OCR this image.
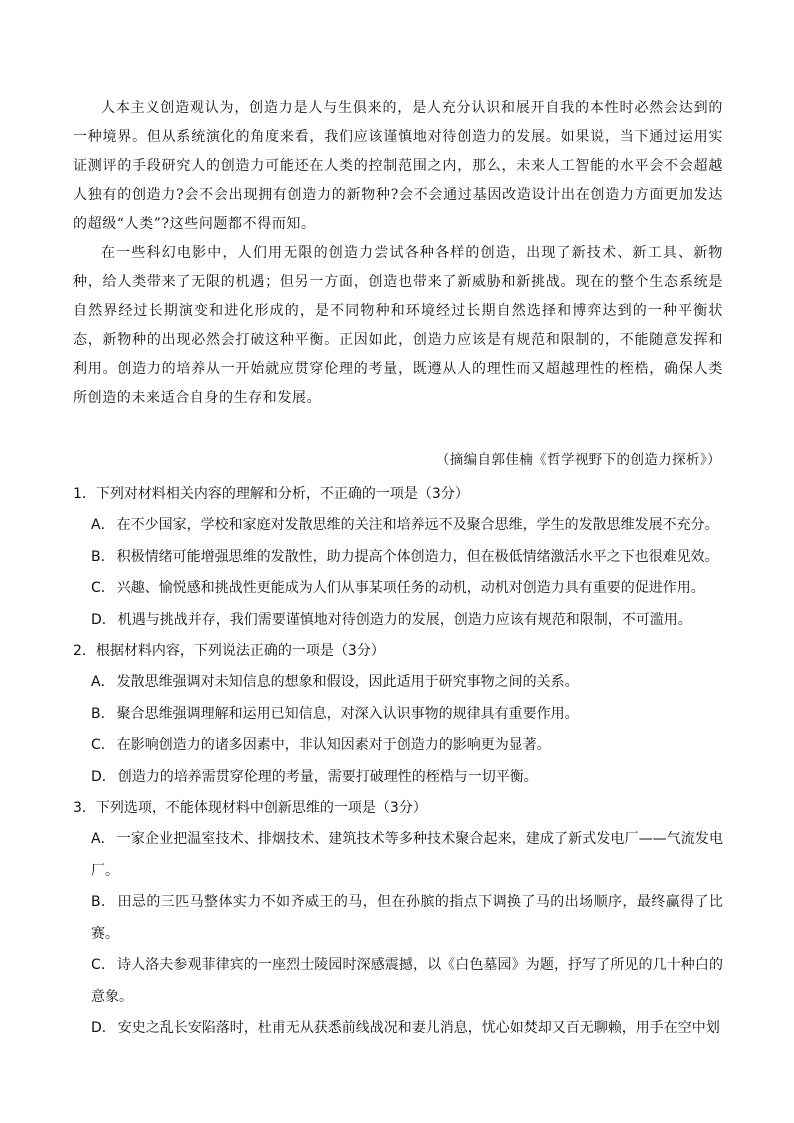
人本主义创造观认为，创造力是人与生俱来的，是人充分认识和展开自我的本性时必然会达到的一种境界。但从系统演化的角度来看，我们应该谨慎地对待创造力的发展。如果说，当下通过运用实证测评的手段研究人的创造力可能还在人类的控制范围之内，那么，未来人工智能的水平会不会超越人独有的创造力?会不会出现拥有创造力的新物种?会不会通过基因改造设计出在创造力方面更加发达的超级“人类”?这些问题都不得而知。

在一些科幻电影中，人们用无限的创造力尝试各种各样的创造，出现了新技术、新工具、新物种，给人类带来了无限的机遇；但另一方面，创造也带来了新威胁和新挑战。现在的整个生态系统是自然界经过长期演变和进化形成的，是不同物种和环境经过长期自然选择和博弈达到的一种平衡状态，新物种的出现必然会打破这种平衡。正因如此，创造力应该是有规范和限制的，不能随意发挥和利用。创造力的培养从一开始就应贯穿伦理的考量，既遵从人的理性而又超越理性的桎梏，确保人类所创造的未来适合自身的生存和发展。

（摘编自郭佳楠《哲学视野下的创造力探析》）

1．下列对材料相关内容的理解和分析，不正确的一项是（3分）

A． 在不少国家，学校和家庭对发散思维的关注和培养远不及聚合思维，学生的发散思维发展不充分。

B． 积极情绪可能增强思维的发散性，助力提高个体创造力，但在极低情绪激活水平之下也很难见效。

C． 兴趣、愉悦感和挑战性更能成为人们从事某项任务的动机，动机对创造力具有重要的促进作用。

D． 机遇与挑战并存，我们需要谨慎地对待创造力的发展，创造力应该有规范和限制，不可滥用。

2．根据材料内容，下列说法正确的一项是（3分）

A． 发散思维强调对未知信息的想象和假设，因此适用于研究事物之间的关系。

B． 聚合思维强调理解和运用已知信息，对深入认识事物的规律具有重要作用。

C． 在影响创造力的诸多因素中，非认知因素对于创造力的影响更为显著。

D． 创造力的培养需贯穿伦理的考量，需要打破理性的桎梏与一切平衡。

3．下列选项，不能体现材料中创新思维的一项是（3分）

A． 一家企业把温室技术、排烟技术、建筑技术等多种技术聚合起来，建成了新式发电厂——气流发电厂。

B． 田忌的三匹马整体实力不如齐威王的马，但在孙膑的指点下调换了马的出场顺序，最终赢得了比赛。

C． 诗人洛夫参观菲律宾的一座烈士陵园时深感震撼，以《白色墓园》为题，抒写了所见的几十种白的意象。

D． 安史之乱长安陷落时，杜甫无从获悉前线战况和妻儿消息，忧心如焚却又百无聊赖，用手在空中划
